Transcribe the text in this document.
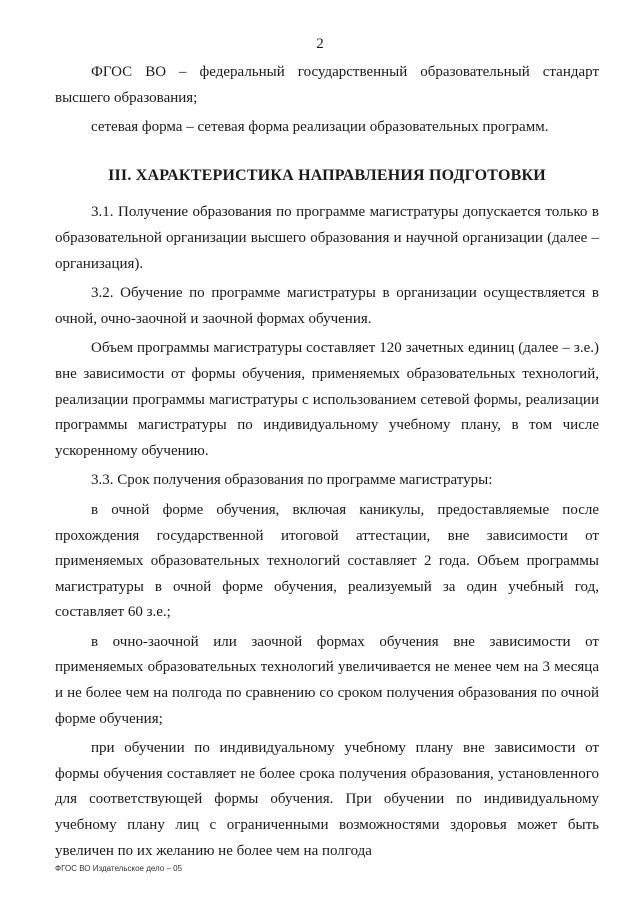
2

ФГОС ВО – федеральный государственный образовательный стандарт высшего образования;

сетевая форма – сетевая форма реализации образовательных программ.

III. ХАРАКТЕРИСТИКА НАПРАВЛЕНИЯ ПОДГОТОВКИ

3.1. Получение образования по программе магистратуры допускается только в образовательной организации высшего образования и научной организации (далее – организация).

3.2. Обучение по программе магистратуры в организации осуществляется в очной, очно-заочной и заочной формах обучения.

Объем программы магистратуры составляет 120 зачетных единиц (далее – з.е.) вне зависимости от формы обучения, применяемых образовательных технологий, реализации программы магистратуры с использованием сетевой формы, реализации программы магистратуры по индивидуальному учебному плану, в том числе ускоренному обучению.

3.3. Срок получения образования по программе магистратуры:

в очной форме обучения, включая каникулы, предоставляемые после прохождения государственной итоговой аттестации, вне зависимости от применяемых образовательных технологий составляет 2 года. Объем программы магистратуры в очной форме обучения, реализуемый за один учебный год, составляет 60 з.е.;

в очно-заочной или заочной формах обучения вне зависимости от применяемых образовательных технологий увеличивается не менее чем на 3 месяца и не более чем на полгода по сравнению со сроком получения образования по очной форме обучения;

при обучении по индивидуальному учебному плану вне зависимости от формы обучения составляет не более срока получения образования, установленного для соответствующей формы обучения. При обучении по индивидуальному учебному плану лиц с ограниченными возможностями здоровья может быть увеличен по их желанию не более чем на полгода

ФГОС ВО Издательское дело – 05
